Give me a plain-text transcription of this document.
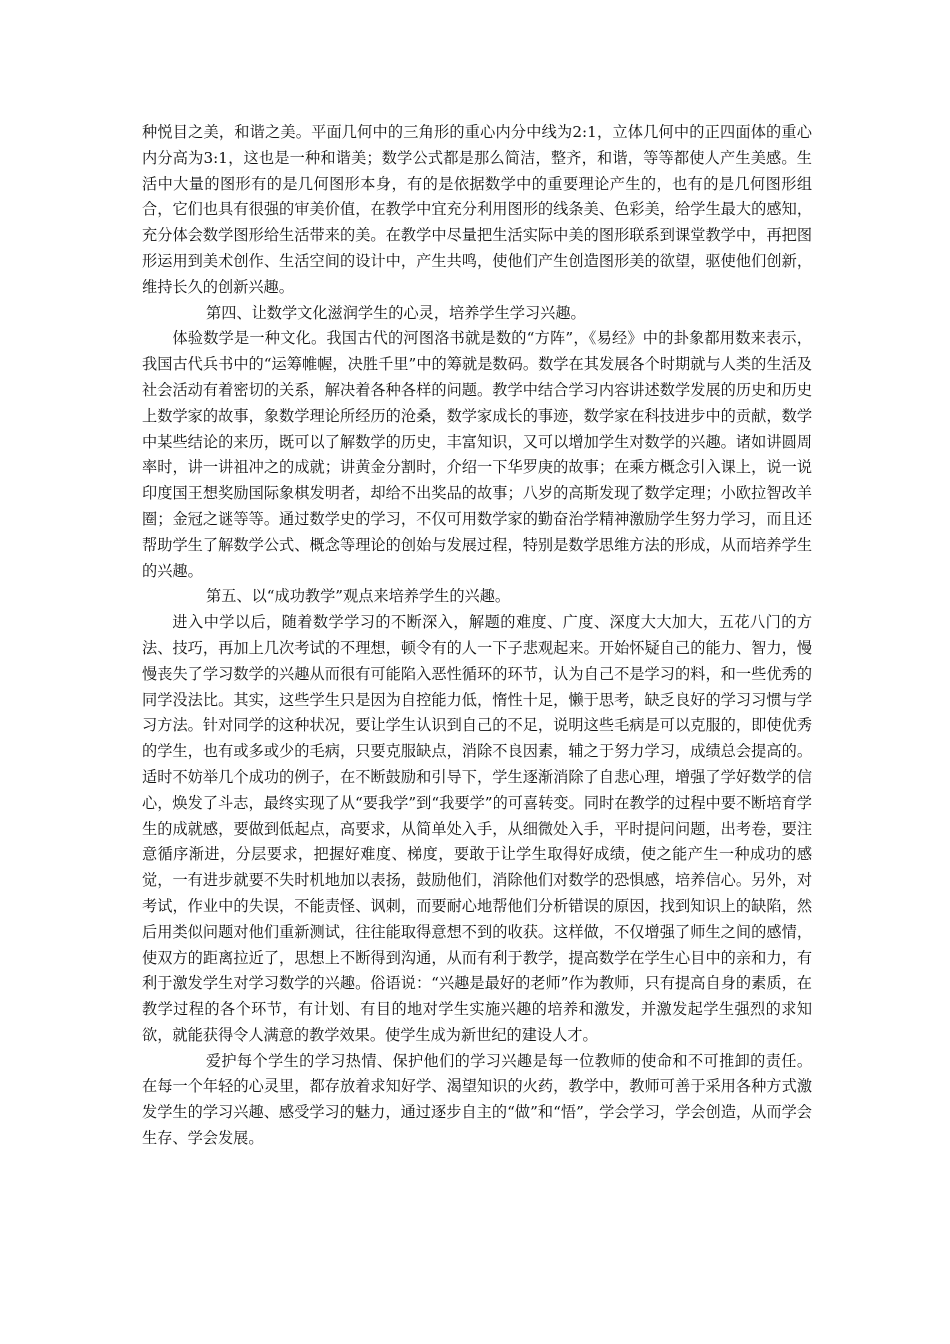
种悦目之美，和谐之美。平面几何中的三角形的重心内分中线为2:1，立体几何中的正四面体的重心内分高为3:1，这也是一种和谐美；数学公式都是那么简洁，整齐，和谐，等等都使人产生美感。生活中大量的图形有的是几何图形本身，有的是依据数学中的重要理论产生的，也有的是几何图形组合，它们也具有很强的审美价值，在教学中宜充分利用图形的线条美、色彩美，给学生最大的感知，充分体会数学图形给生活带来的美。在教学中尽量把生活实际中美的图形联系到课堂教学中，再把图形运用到美术创作、生活空间的设计中，产生共鸣，使他们产生创造图形美的欲望，驱使他们创新，维持长久的创新兴趣。

第四、让数学文化滋润学生的心灵，培养学生学习兴趣。

体验数学是一种文化。我国古代的河图洛书就是数的“方阵”，《易经》中的卦象都用数来表示，我国古代兵书中的“运筹帷幄，决胜千里”中的筹就是数码。数学在其发展各个时期就与人类的生活及社会活动有着密切的关系，解决着各种各样的问题。教学中结合学习内容讲述数学发展的历史和历史上数学家的故事，象数学理论所经历的沧桑，数学家成长的事迹，数学家在科技进步中的贡献，数学中某些结论的来历，既可以了解数学的历史，丰富知识，又可以增加学生对数学的兴趣。诸如讲圆周率时，讲一讲祖冲之的成就；讲黄金分割时，介绍一下华罗庚的故事；在乘方概念引入课上，说一说印度国王想奖励国际象棋发明者，却给不出奖品的故事；八岁的高斯发现了数学定理；小欧拉智改羊圈；金冠之谜等等。通过数学史的学习，不仅可用数学家的勤奋治学精神激励学生努力学习，而且还帮助学生了解数学公式、概念等理论的创始与发展过程，特别是数学思维方法的形成，从而培养学生的兴趣。

第五、以“成功教学”观点来培养学生的兴趣。

进入中学以后，随着数学学习的不断深入，解题的难度、广度、深度大大加大，五花八门的方法、技巧，再加上几次考试的不理想，顿令有的人一下子悲观起来。开始怀疑自己的能力、智力，慢慢丧失了学习数学的兴趣从而很有可能陷入恶性循环的环节，认为自己不是学习的料，和一些优秀的同学没法比。其实，这些学生只是因为自控能力低，惰性十足，懒于思考，缺乏良好的学习习惯与学习方法。针对同学的这种状况，要让学生认识到自己的不足，说明这些毛病是可以克服的，即使优秀的学生，也有或多或少的毛病，只要克服缺点，消除不良因素，辅之于努力学习，成绩总会提高的。适时不妨举几个成功的例子，在不断鼓励和引导下，学生逐渐消除了自悲心理，增强了学好数学的信心，焕发了斗志，最终实现了从“要我学”到“我要学”的可喜转变。同时在教学的过程中要不断培育学生的成就感，要做到低起点，高要求，从简单处入手，从细微处入手，平时提问问题，出考卷，要注意循序渐进，分层要求，把握好难度、梯度，要敢于让学生取得好成绩，使之能产生一种成功的感觉，一有进步就要不失时机地加以表扬，鼓励他们，消除他们对数学的恐惧感，培养信心。另外，对考试，作业中的失误，不能责怪、讽刺，而要耐心地帮他们分析错误的原因，找到知识上的缺陷，然后用类似问题对他们重新测试，往往能取得意想不到的收获。这样做，不仅增强了师生之间的感情，使双方的距离拉近了，思想上不断得到沟通，从而有利于教学，提高数学在学生心目中的亲和力，有利于激发学生对学习数学的兴趣。俗语说：“兴趣是最好的老师”作为教师，只有提高自身的素质，在教学过程的各个环节，有计划、有目的地对学生实施兴趣的培养和激发，并激发起学生强烈的求知欲，就能获得令人满意的教学效果。使学生成为新世纪的建设人才。

爱护每个学生的学习热情、保护他们的学习兴趣是每一位教师的使命和不可推卸的责任。在每一个年轻的心灵里，都存放着求知好学、渴望知识的火药，教学中，教师可善于采用各种方式激发学生的学习兴趣、感受学习的魅力，通过逐步自主的“做”和“悟”，学会学习，学会创造，从而学会生存、学会发展。
